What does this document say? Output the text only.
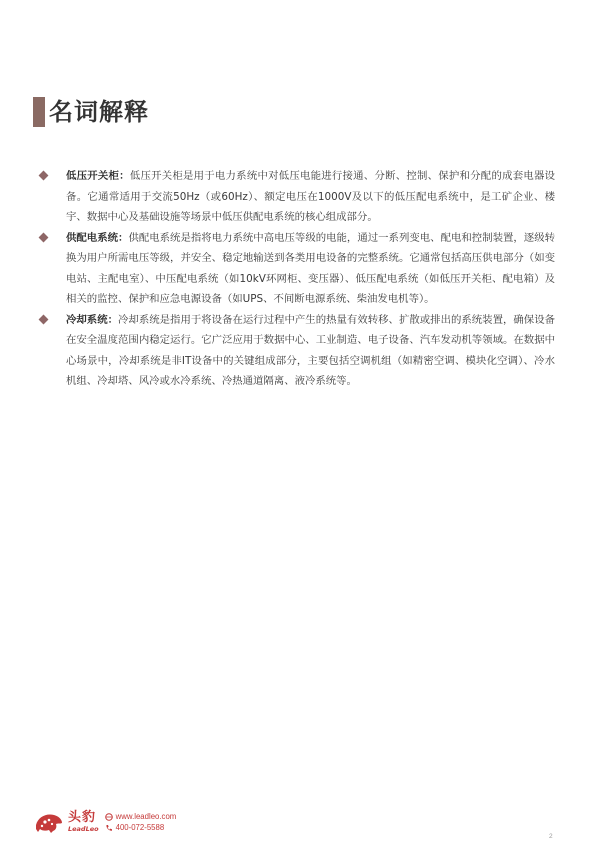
名词解释

低压开关柜：低压开关柜是用于电力系统中对低压电能进行接通、分断、控制、保护和分配的成套电器设备。它通常适用于交流50Hz（或60Hz）、额定电压在1000V及以下的低压配电系统中，是工矿企业、楼宇、数据中心及基础设施等场景中低压供配电系统的核心组成部分。

供配电系统：供配电系统是指将电力系统中高电压等级的电能，通过一系列变电、配电和控制装置，逐级转换为用户所需电压等级，并安全、稳定地输送到各类用电设备的完整系统。它通常包括高压供电部分（如变电站、主配电室）、中压配电系统（如10kV环网柜、变压器）、低压配电系统（如低压开关柜、配电箱）及相关的监控、保护和应急电源设备（如UPS、不间断电源系统、柴油发电机等）。

冷却系统：冷却系统是指用于将设备在运行过程中产生的热量有效转移、扩散或排出的系统装置，确保设备在安全温度范围内稳定运行。它广泛应用于数据中心、工业制造、电子设备、汽车发动机等领域。在数据中心场景中，冷却系统是非IT设备中的关键组成部分，主要包括空调机组（如精密空调、模块化空调）、冷水机组、冷却塔、风冷或水冷系统、冷热通道隔离、液冷系统等。

头豹
LeadLeo
www.leadleo.com
400-072-5588
2
